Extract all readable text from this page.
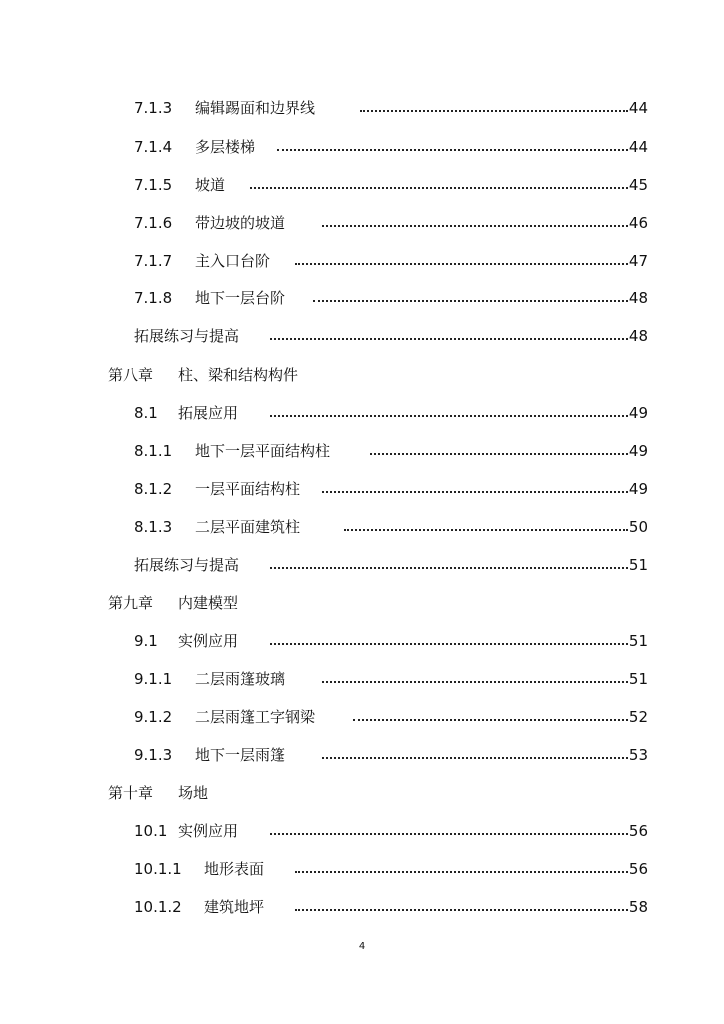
7.1.3 编辑踢面和边界线	44
7.1.4 多层楼梯	44
7.1.5 坡道	45
7.1.6 带边坡的坡道	46
7.1.7 主入口台阶	47
7.1.8 地下一层台阶	48
拓展练习与提高	48
第八章 柱、梁和结构构件
8.1 拓展应用	49
8.1.1 地下一层平面结构柱	49
8.1.2 一层平面结构柱	49
8.1.3 二层平面建筑柱	50
拓展练习与提高	51
第九章 内建模型
9.1 实例应用	51
9.1.1 二层雨篷玻璃	51
9.1.2 二层雨篷工字钢梁	52
9.1.3 地下一层雨篷	53
第十章 场地
10.1 实例应用	56
10.1.1 地形表面	56
10.1.2 建筑地坪	58
4
